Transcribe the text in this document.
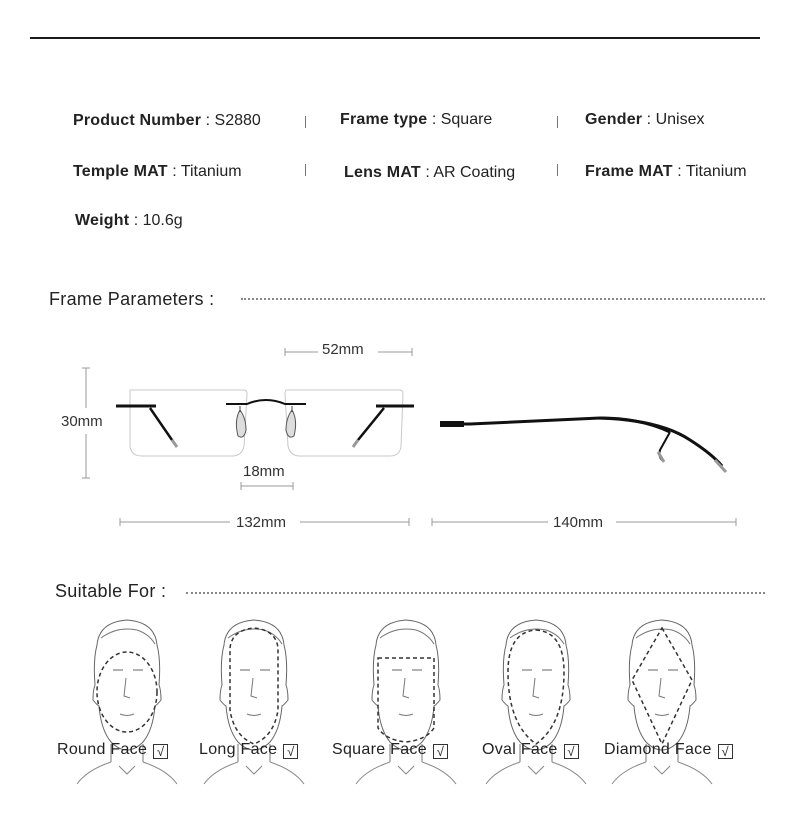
Product Number : S2880	Frame type : Square	Gender : Unisex
Temple MAT : Titanium	Lens MAT : AR Coating	Frame MAT : Titanium
Weight : 10.6g
Frame Parameters :
52mm
30mm
18mm
132mm	140mm
Suitable For :
Round Face √ Long Face √ Square Face √ Oval Face √ Diamond Face √
